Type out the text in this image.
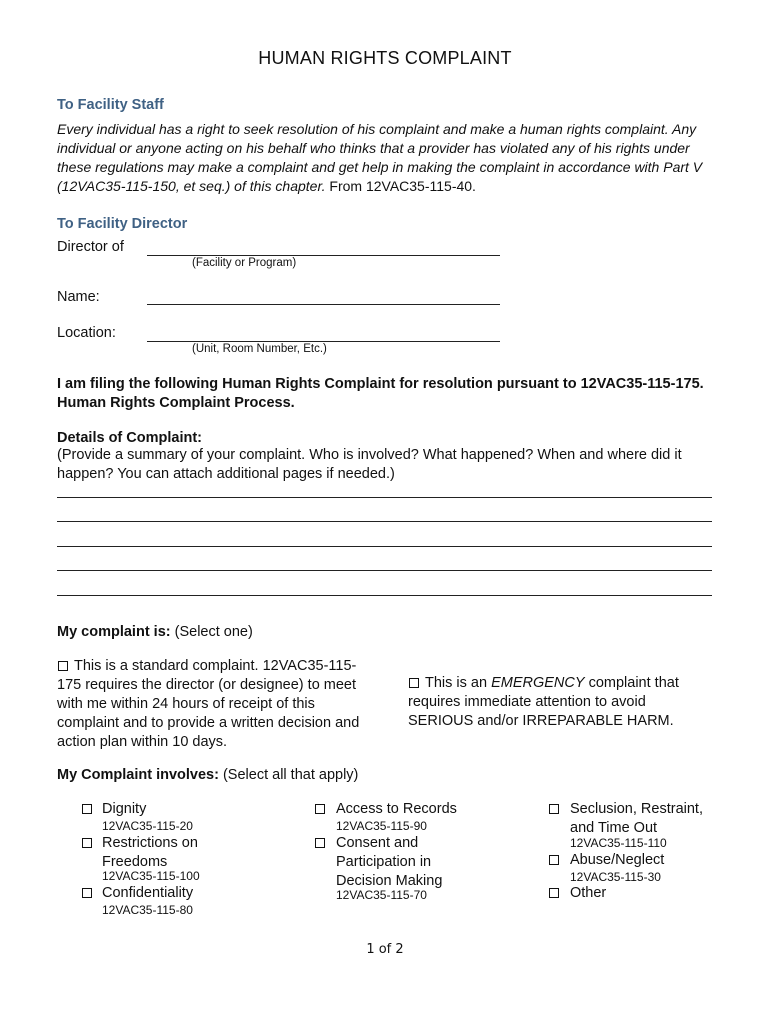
HUMAN RIGHTS COMPLAINT
To Facility Staff
Every individual has a right to seek resolution of his complaint and make a human rights complaint. Any individual or anyone acting on his behalf who thinks that a provider has violated any of his rights under these regulations may make a complaint and get help in making the complaint in accordance with Part V (12VAC35-115-150, et seq.) of this chapter. From 12VAC35-115-40.
To Facility Director
Director of
(Facility or Program)
Name:
Location:
(Unit, Room Number, Etc.)
I am filing the following Human Rights Complaint for resolution pursuant to 12VAC35-115-175. Human Rights Complaint Process.
Details of Complaint:
(Provide a summary of your complaint. Who is involved? What happened? When and where did it happen? You can attach additional pages if needed.)
My complaint is: (Select one)
This is a standard complaint. 12VAC35-115-175 requires the director (or designee) to meet with me within 24 hours of receipt of this complaint and to provide a written decision and action plan within 10 days.
This is an EMERGENCY complaint that requires immediate attention to avoid SERIOUS and/or IRREPARABLE HARM.
My Complaint involves: (Select all that apply)
Dignity
12VAC35-115-20
Restrictions on Freedoms
12VAC35-115-100
Confidentiality
12VAC35-115-80
Access to Records
12VAC35-115-90
Consent and Participation in Decision Making
12VAC35-115-70
Seclusion, Restraint, and Time Out
12VAC35-115-110
Abuse/Neglect
12VAC35-115-30
Other
1 of 2
